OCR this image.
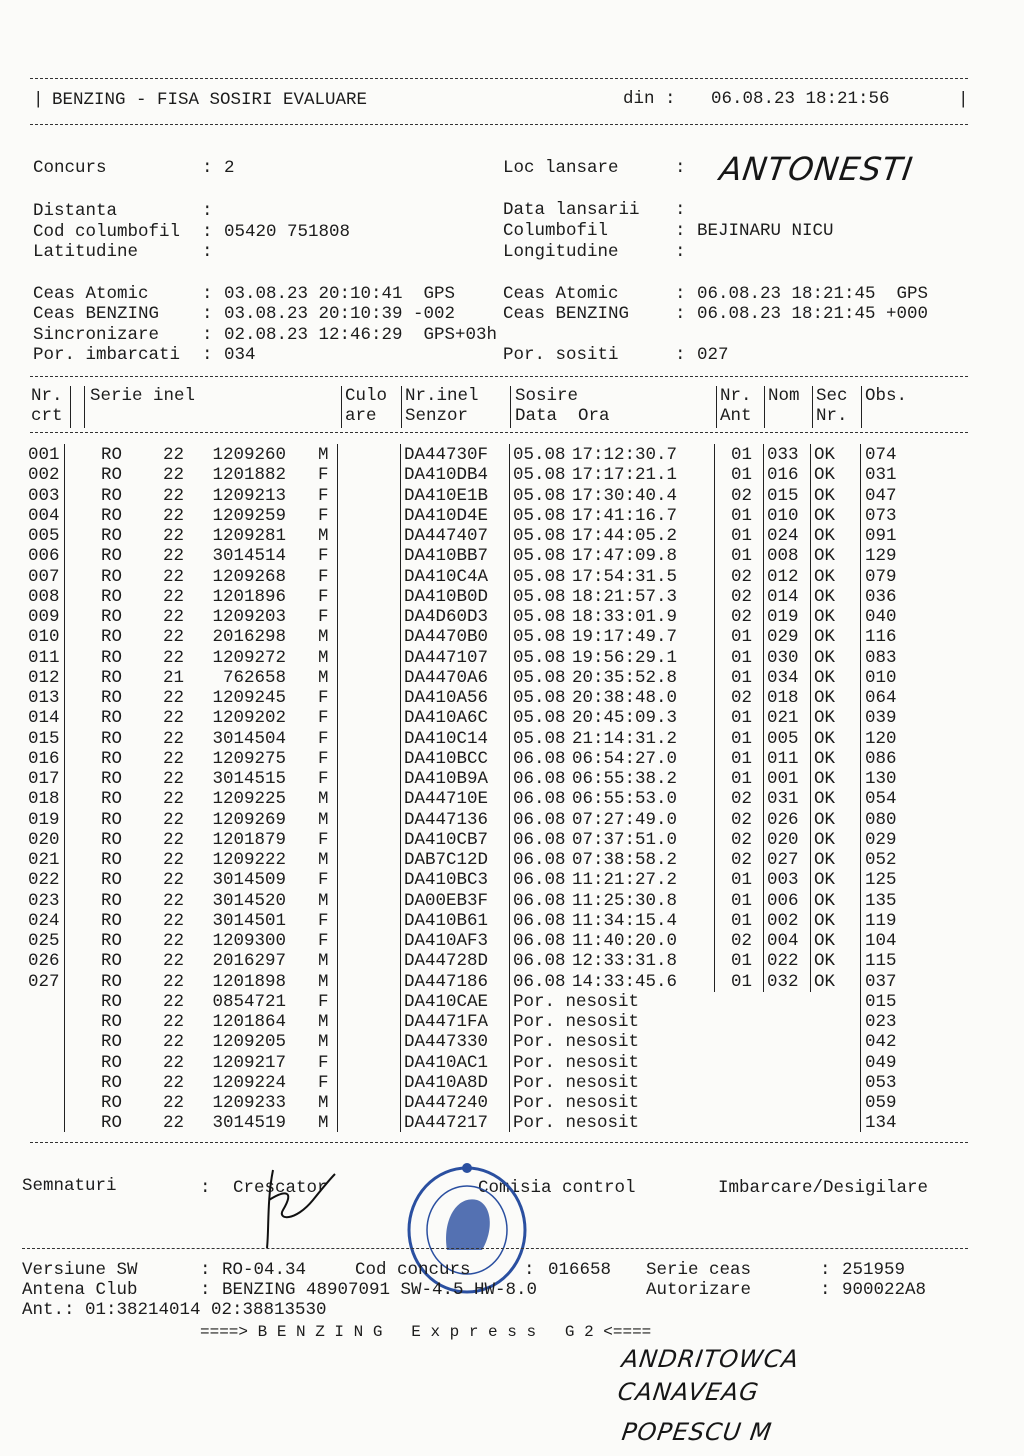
| BENZING - FISA SOSIRI EVALUARE	din : 06.08.23 18:21:56	|
Concurs	: 2	Loc lansare	: ANTONESTI
Distanta	:	Data lansarii :
Cod columbofil : 05420 751808	Columbofil	: BEJINARU NICU
Latitudine	:	Longitudine	:
Ceas Atomic	: 03.08.23 20:10:41  GPS	Ceas Atomic	: 06.08.23 18:21:45  GPS
Ceas BENZING : 03.08.23 20:10:39 -002	Ceas BENZING	: 06.08.23 18:21:45 +000
Sincronizare : 02.08.23 12:46:29  GPS+03h
Por. imbarcati : 034	Por. sositi	: 027
Nr.
crt
Serie inel	Culo
are
Nr.inel
Senzor
Sosire
Data  Ora
Nr.
Ant
Nom Sec
Nr.
Obs.
001 RO	22	1209260 M	DA44730F	05.08 17:12:30.7	01 033 OK	074
002 RO	22	1201882 F	DA410DB4	05.08 17:17:21.1	01 016 OK	031
003 RO	22	1209213 F	DA410E1B	05.08 17:30:40.4	02 015 OK	047
004 RO	22	1209259 F	DA410D4E	05.08 17:41:16.7	01 010 OK	073
005 RO	22	1209281 M	DA447407	05.08 17:44:05.2	01 024 OK	091
006 RO	22	3014514 F	DA410BB7	05.08 17:47:09.8	01 008 OK	129
007 RO	22	1209268 F	DA410C4A	05.08 17:54:31.5	02 012 OK	079
008 RO	22	1201896 F	DA410B0D	05.08 18:21:57.3	02 014 OK	036
009 RO	22	1209203 F	DA4D60D3	05.08 18:33:01.9	02 019 OK	040
010 RO	22	2016298 M	DA4470B0	05.08 19:17:49.7	01 029 OK	116
011 RO	22	1209272 M	DA447107	05.08 19:56:29.1	01 030 OK	083
012 RO	21	762658 M	DA4470A6	05.08 20:35:52.8	01 034 OK	010
013 RO	22	1209245 F	DA410A56	05.08 20:38:48.0	02 018 OK	064
014 RO	22	1209202 F	DA410A6C	05.08 20:45:09.3	01 021 OK	039
015 RO	22	3014504 F	DA410C14	05.08 21:14:31.2	01 005 OK	120
016 RO	22	1209275 F	DA410BCC	06.08 06:54:27.0	01 011 OK	086
017 RO	22	3014515 F	DA410B9A	06.08 06:55:38.2	01 001 OK	130
018 RO	22	1209225 M	DA44710E	06.08 06:55:53.0	02 031 OK	054
019 RO	22	1209269 M	DA447136	06.08 07:27:49.0	02 026 OK	080
020 RO	22	1201879 F	DA410CB7	06.08 07:37:51.0	02 020 OK	029
021 RO	22	1209222 M	DAB7C12D	06.08 07:38:58.2	02 027 OK	052
022 RO	22	3014509 F	DA410BC3	06.08 11:21:27.2	01 003 OK	125
023 RO	22	3014520 M	DA00EB3F	06.08 11:25:30.8	01 006 OK	135
024 RO	22	3014501 F	DA410B61	06.08 11:34:15.4	01 002 OK	119
025 RO	22	1209300 F	DA410AF3	06.08 11:40:20.0	02 004 OK	104
026 RO	22	2016297 M	DA44728D	06.08 12:33:31.8	01 022 OK	115
027 RO	22	1201898 M	DA447186	06.08 14:33:45.6	01 032 OK	037
RO	22	0854721 F	DA410CAE	Por. nesosit	015
RO	22	1201864 M	DA4471FA	Por. nesosit	023
RO	22	1209205 M	DA447330	Por. nesosit	042
RO	22	1209217 F	DA410AC1	Por. nesosit	049
RO	22	1209224 F	DA410A8D	Por. nesosit	053
RO	22	1209233 M	DA447240	Por. nesosit	059
RO	22	3014519 M	DA447217	Por. nesosit	134
Semnaturi	: Crescator	Comisia control	Imbarcare/Desigilare
Versiune SW	: RO-04.34	Cod concurs	: 016658 Serie ceas	: 251959
Antena Club	: BENZING 48907091 SW-4.5 HW-8.0	Autorizare	: 900022A8
Ant.: 01:38214014 02:38813530
====> B E N Z I N G   E x p r e s s   G 2 <====
ANDRITOWCA
CANAVEAG
POPESCU M
